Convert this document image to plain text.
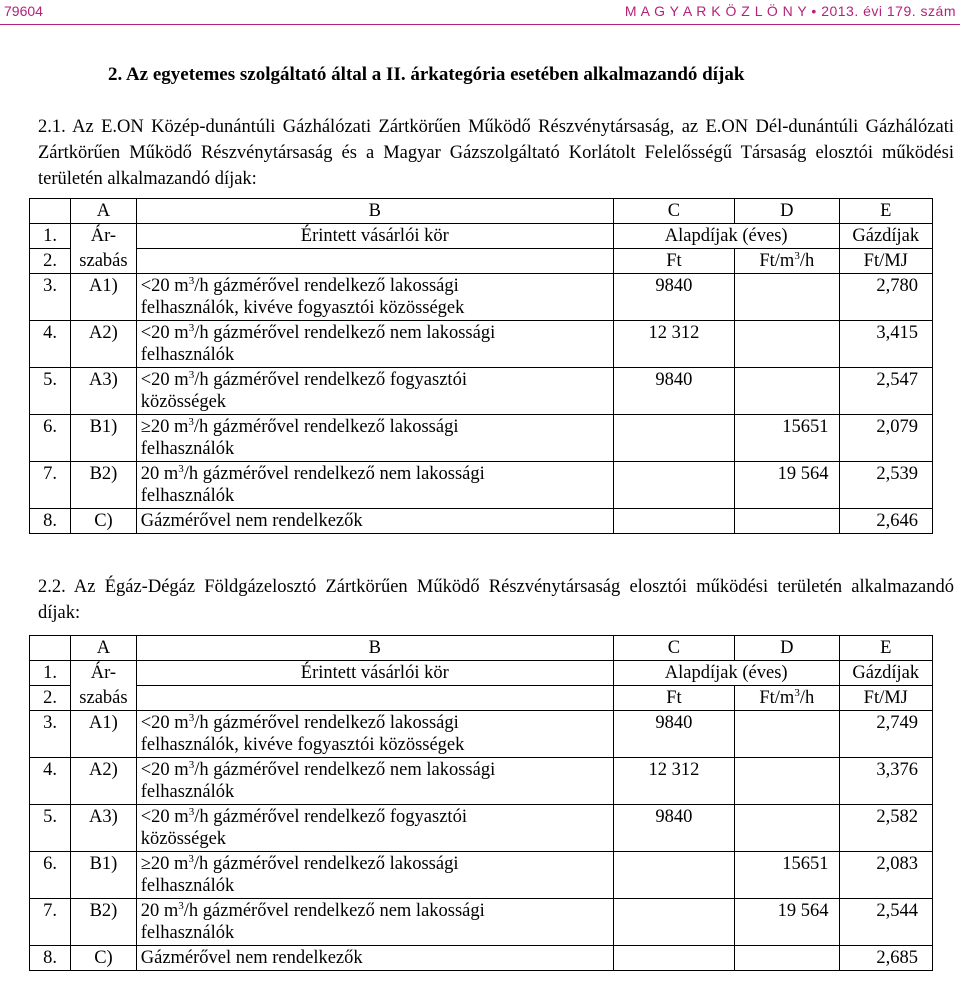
79604	M A G Y A R K Ö Z L Ö N Y • 2013. évi 179. szám
2. Az egyetemes szolgáltató által a II. árkategória esetében alkalmazandó díjak
2.1. Az E.ON Közép-dunántúli Gázhálózati Zártkörűen Működő Részvénytársaság, az E.ON Dél-dunántúli Gázhálózati Zártkörűen Működő Részvénytársaság és a Magyar Gázszolgáltató Korlátolt Felelősségű Társaság elosztói működési területén alkalmazandó díjak:
	A	B	C	D	E
1.	Ár-	Érintett vásárlói kör	Alapdíjak (éves)		Gázdíjak
2.	szabás		Ft	$Ft/m^3/h$	Ft/MJ
3.	A1)	<20 $m^3/h$ gázmérővel rendelkező lakossági
felhasználók, kivéve fogyasztói közösségek	9840		2,780
4.	A2)	<20 $m^3/h$ gázmérővel rendelkező nem lakossági
felhasználók	12 312		3,415
5.	A3)	<20 $m^3/h$ gázmérővel rendelkező fogyasztói
közösségek	9840		2,547
6.	B1)	≥20 $m^3/h$ gázmérővel rendelkező lakossági
felhasználók		15651	2,079
7.	B2)	20 $m^3/h$ gázmérővel rendelkező nem lakossági
felhasználók		19 564	2,539
8.	C)	Gázmérővel nem rendelkezők			2,646
2.2. Az Égáz-Dégáz Földgázelosztó Zártkörűen Működő Részvénytársaság elosztói működési területén alkalmazandó díjak:
	A	B	C	D	E
1.	Ár-	Érintett vásárlói kör	Alapdíjak (éves)		Gázdíjak
2.	szabás		Ft	$Ft/m^3/h$	Ft/MJ
3.	A1)	<20 $m^3/h$ gázmérővel rendelkező lakossági
felhasználók, kivéve fogyasztói közösségek	9840		2,749
4.	A2)	<20 $m^3/h$ gázmérővel rendelkező nem lakossági
felhasználók	12 312		3,376
5.	A3)	<20 $m^3/h$ gázmérővel rendelkező fogyasztói
közösségek	9840		2,582
6.	B1)	≥20 $m^3/h$ gázmérővel rendelkező lakossági
felhasználók		15651	2,083
7.	B2)	20 $m^3/h$ gázmérővel rendelkező nem lakossági
felhasználók		19 564	2,544
8.	C)	Gázmérővel nem rendelkezők			2,685
